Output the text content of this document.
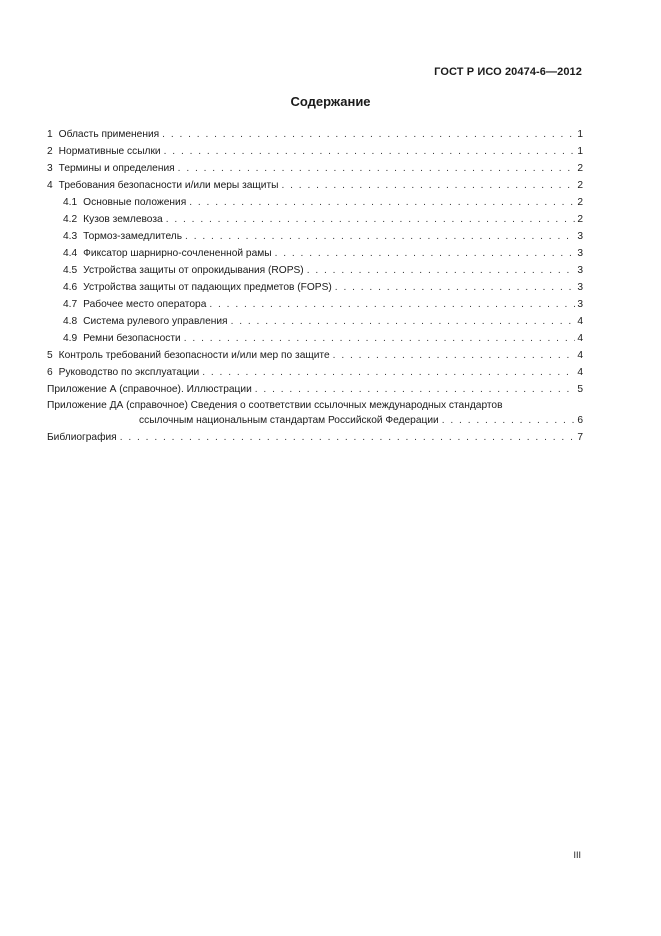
ГОСТ Р ИСО 20474-6—2012
Содержание
1 Область применения . . .	1
2 Нормативные ссылки . . .	1
3 Термины и определения . . .	2
4 Требования безопасности и/или меры защиты . . .	2
4.1 Основные положения . . .	2
4.2 Кузов землевоза . . .	2
4.3 Тормоз-замедлитель . . .	3
4.4 Фиксатор шарнирно-сочлененной рамы . . .	3
4.5 Устройства защиты от опрокидывания (ROPS) . . .	3
4.6 Устройства защиты от падающих предметов (FOPS) . . .	3
4.7 Рабочее место оператора . . .	3
4.8 Система рулевого управления . . .	4
4.9 Ремни безопасности . . .	4
5 Контроль требований безопасности и/или мер по защите . . .	4
6 Руководство по эксплуатации . . .	4
Приложение А (справочное). Иллюстрации . . .	5
Приложение ДА (справочное) Сведения о соответствии ссылочных международных стандартов
ссылочным национальным стандартам Российской Федерации . . .	6
Библиография . . .	7
III
